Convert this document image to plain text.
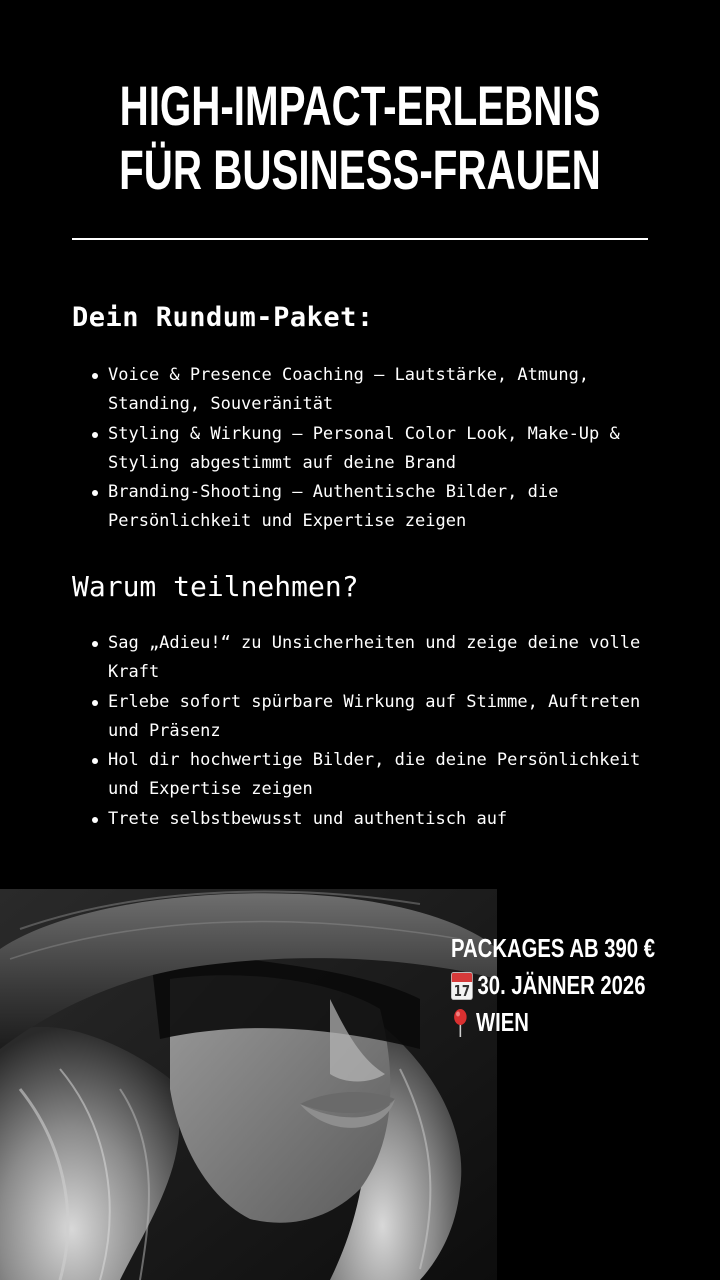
HIGH-IMPACT-ERLEBNIS
FÜR BUSINESS-FRAUEN
Dein Rundum-Paket:
Voice & Presence Coaching – Lautstärke, Atmung, Standing, Souveränität
Styling & Wirkung – Personal Color Look, Make-Up & Styling abgestimmt auf deine Brand
Branding-Shooting – Authentische Bilder, die Persönlichkeit und Expertise zeigen
Warum teilnehmen?
Sag „Adieu!“ zu Unsicherheiten und zeige deine volle Kraft
Erlebe sofort spürbare Wirkung auf Stimme, Auftreten und Präsenz
Hol dir hochwertige Bilder, die deine Persönlichkeit und Expertise zeigen
Trete selbstbewusst und authentisch auf
PACKAGES AB 390 €
17 30. JÄNNER 2026
WIEN
